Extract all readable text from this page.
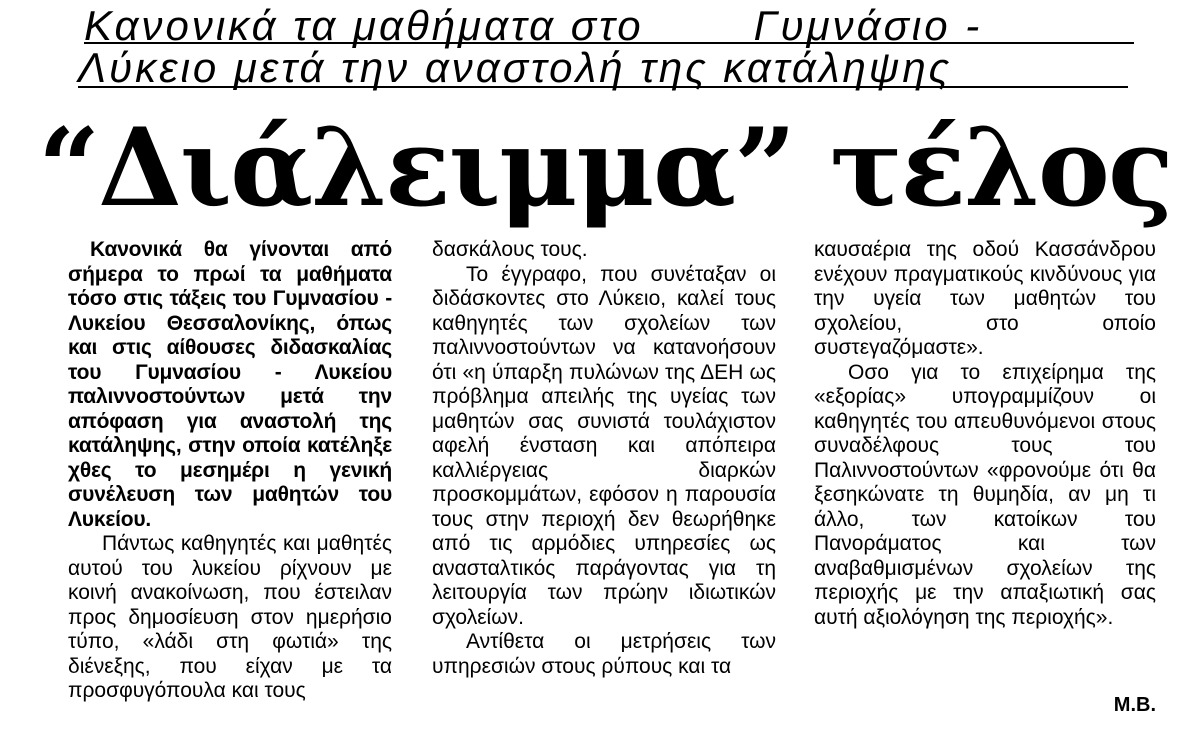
Κανονικά τα μαθήματα στο	Γυμνάσιο -
Λύκειο μετά την αναστολή της κατάληψης
“Διάλειμμα” τέλος

Κανονικά θα γίνονται από σήμερα το πρωί τα μαθήματα τόσο στις τάξεις του Γυμνασίου - Λυκείου Θεσσαλονίκης, όπως και στις αίθουσες διδασκαλίας του Γυμνασίου - Λυκείου παλιννοστούντων μετά την απόφαση για αναστολή της κατάληψης, στην οποία κατέληξε χθες το μεσημέρι η γενική συνέλευση των μαθητών του Λυκείου.

Πάντως καθηγητές και μαθητές αυτού του λυκείου ρίχνουν με κοινή ανακοίνωση, που έστειλαν προς δημοσίευση στον ημερήσιο τύπο, «λάδι στη φωτιά» της διένεξης, που είχαν με τα προσφυγόπουλα και τους

δασκάλους τους.

Το έγγραφο, που συνέταξαν οι διδάσκοντες στο Λύκειο, καλεί τους καθηγητές των σχολείων των παλιννοστούντων να κατανοήσουν ότι «η ύπαρξη πυλώνων της ΔΕΗ ως πρόβλημα απειλής της υγείας των μαθητών σας συνιστά τουλάχιστον αφελή ένσταση και απόπειρα καλλιέργειας διαρκών προσκομμάτων, εφόσον η παρουσία τους στην περιοχή δεν θεωρήθηκε από τις αρμόδιες υπηρεσίες ως ανασταλτικός παράγοντας για τη λειτουργία των πρώην ιδιωτικών σχολείων.

Αντίθετα οι μετρήσεις των υπηρεσιών στους ρύπους και τα

καυσαέρια της οδού Κασσάνδρου ενέχουν πραγματικούς κινδύνους για την υγεία των μαθητών του σχολείου, στο οποίο συστεγαζόμαστε».

Οσο για το επιχείρημα της «εξορίας» υπογραμμίζουν οι καθηγητές του απευθυνόμενοι στους συναδέλφους τους του Παλιννοστούντων «φρονούμε ότι θα ξεσηκώνατε τη θυμηδία, αν μη τι άλλο, των κατοίκων του Πανοράματος και των αναβαθμισμένων σχολείων της περιοχής με την απαξιωτική σας αυτή αξιολόγηση της περιοχής».

Μ.Β.
